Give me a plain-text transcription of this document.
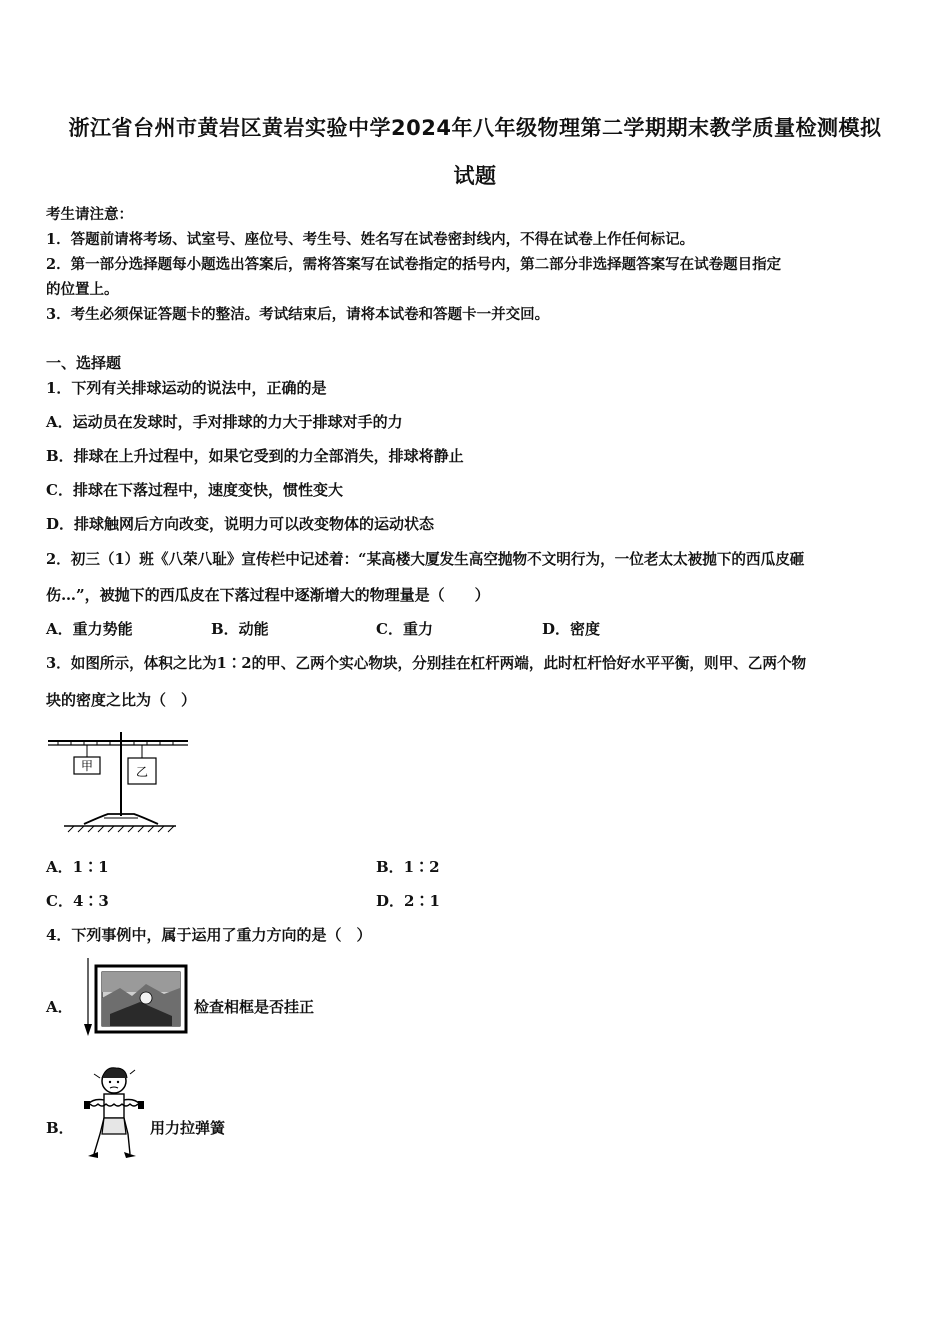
浙江省台州市黄岩区黄岩实验中学2024年八年级物理第二学期期末教学质量检测模拟
试题
考生请注意：
1．答题前请将考场、试室号、座位号、考生号、姓名写在试卷密封线内，不得在试卷上作任何标记。
2．第一部分选择题每小题选出答案后，需将答案写在试卷指定的括号内，第二部分非选择题答案写在试卷题目指定
的位置上。
3．考生必须保证答题卡的整洁。考试结束后，请将本试卷和答题卡一并交回。
一、选择题
1．下列有关排球运动的说法中，正确的是
A．运动员在发球时，手对排球的力大于排球对手的力
B．排球在上升过程中，如果它受到的力全部消失，排球将静止
C．排球在下落过程中，速度变快，惯性变大
D．排球触网后方向改变，说明力可以改变物体的运动状态
2．初三（1）班《八荣八耻》宣传栏中记述着：“某高楼大厦发生高空抛物不文明行为，一位老太太被抛下的西瓜皮砸
伤…”，被抛下的西瓜皮在下落过程中逐渐增大的物理量是（　　）
A．重力势能	B．动能	C．重力	D．密度
3．如图所示，体积之比为1∶2的甲、乙两个实心物块，分别挂在杠杆两端，此时杠杆恰好水平平衡，则甲、乙两个物
块的密度之比为（　）
甲	乙
A．1∶1	B．1∶2
C．4∶3	D．2∶1
4．下列事例中，属于运用了重力方向的是（　）
A．	检查相框是否挂正
B．	用力拉弹簧
